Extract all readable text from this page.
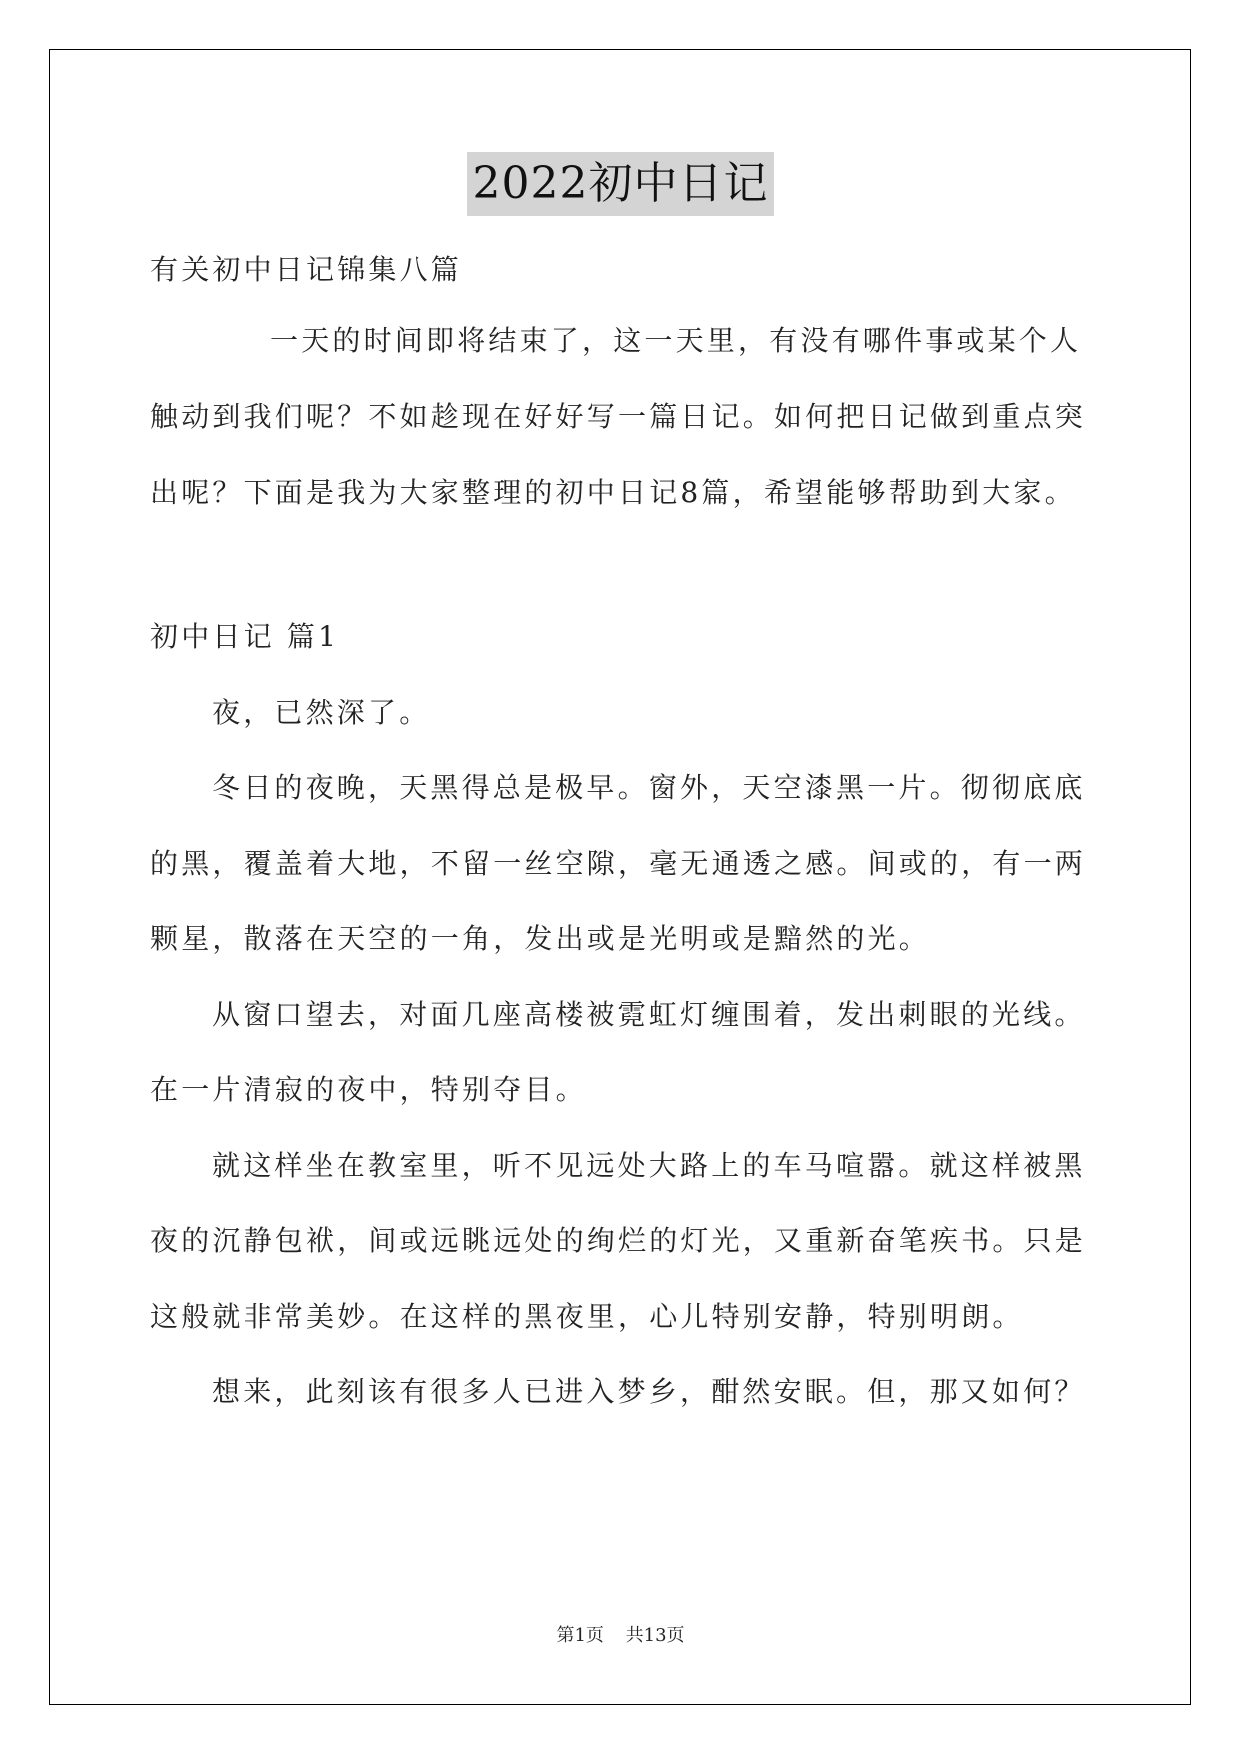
2022初中日记
有关初中日记锦集八篇
一天的时间即将结束了，这一天里，有没有哪件事或某个人
触动到我们呢？不如趁现在好好写一篇日记。如何把日记做到重点突
出呢？下面是我为大家整理的初中日记8篇，希望能够帮助到大家。
初中日记 篇1
夜，已然深了。
冬日的夜晚，天黑得总是极早。窗外，天空漆黑一片。彻彻底底
的黑，覆盖着大地，不留一丝空隙，毫无通透之感。间或的，有一两
颗星，散落在天空的一角，发出或是光明或是黯然的光。
从窗口望去，对面几座高楼被霓虹灯缠围着，发出刺眼的光线。
在一片清寂的夜中，特别夺目。
就这样坐在教室里，听不见远处大路上的车马喧嚣。就这样被黑
夜的沉静包袱，间或远眺远处的绚烂的灯光，又重新奋笔疾书。只是
这般就非常美妙。在这样的黑夜里，心儿特别安静，特别明朗。
想来，此刻该有很多人已进入梦乡，酣然安眠。但，那又如何？
第1页 共13页
